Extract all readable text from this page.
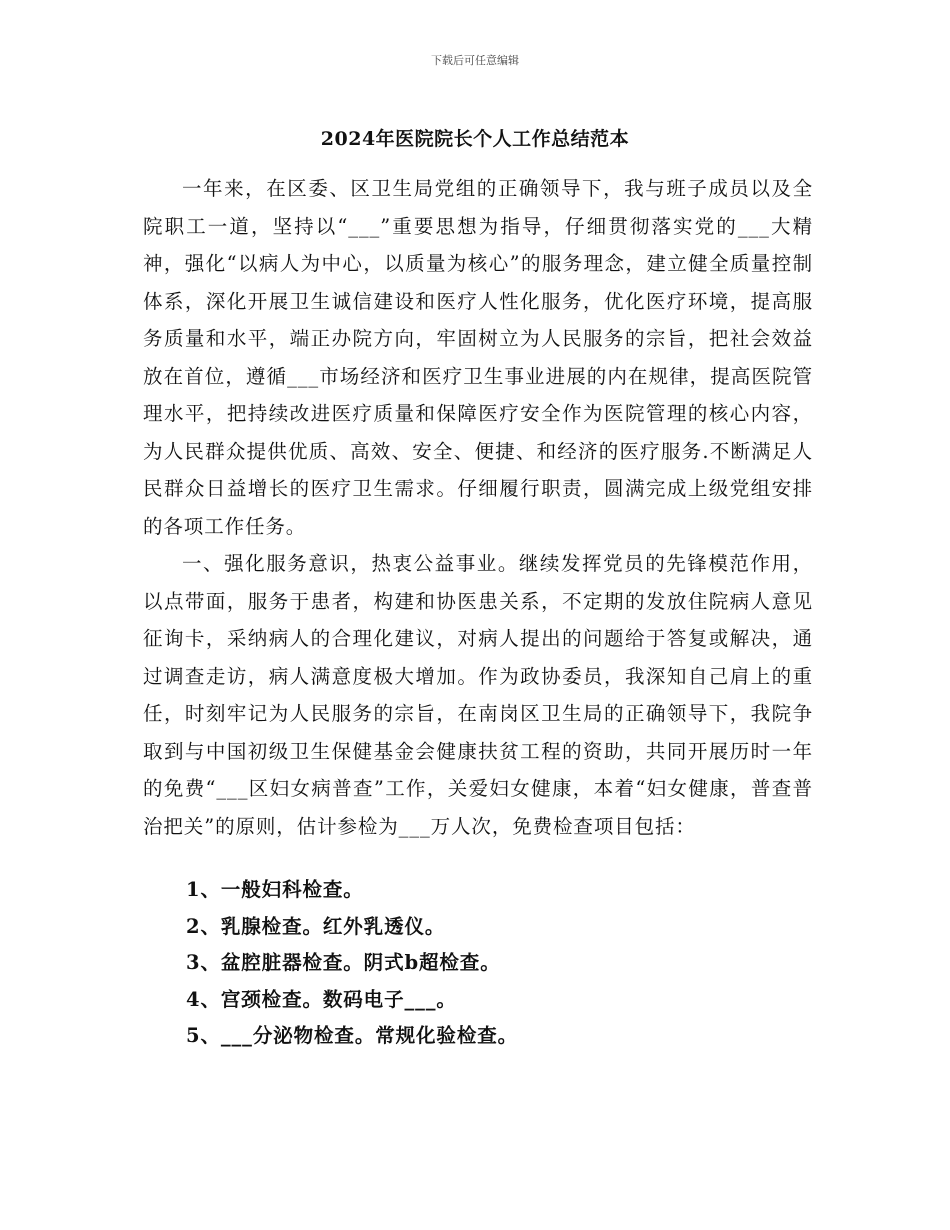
下载后可任意编辑
2024年医院院长个人工作总结范本

一年来，在区委、区卫生局党组的正确领导下，我与班子成员以及全院职工一道，坚持以“___”重要思想为指导，仔细贯彻落实党的___大精神，强化“以病人为中心，以质量为核心”的服务理念，建立健全质量控制体系，深化开展卫生诚信建设和医疗人性化服务，优化医疗环境，提高服务质量和水平，端正办院方向，牢固树立为人民服务的宗旨，把社会效益放在首位，遵循___市场经济和医疗卫生事业进展的内在规律，提高医院管理水平，把持续改进医疗质量和保障医疗安全作为医院管理的核心内容，为人民群众提供优质、高效、安全、便捷、和经济的医疗服务.不断满足人民群众日益增长的医疗卫生需求。仔细履行职责，圆满完成上级党组安排的各项工作任务。

一、强化服务意识，热衷公益事业。继续发挥党员的先锋模范作用，以点带面，服务于患者，构建和协医患关系，不定期的发放住院病人意见征询卡，采纳病人的合理化建议，对病人提出的问题给于答复或解决，通过调查走访，病人满意度极大增加。作为政协委员，我深知自己肩上的重任，时刻牢记为人民服务的宗旨，在南岗区卫生局的正确领导下，我院争取到与中国初级卫生保健基金会健康扶贫工程的资助，共同开展历时一年的免费“___区妇女病普查”工作，关爱妇女健康，本着“妇女健康，普查普治把关”的原则，估计参检为___万人次，免费检查项目包括：

1、一般妇科检查。
2、乳腺检查。红外乳透仪。
3、盆腔脏器检查。阴式b超检查。
4、宫颈检查。数码电子___。
5、___分泌物检查。常规化验检查。
